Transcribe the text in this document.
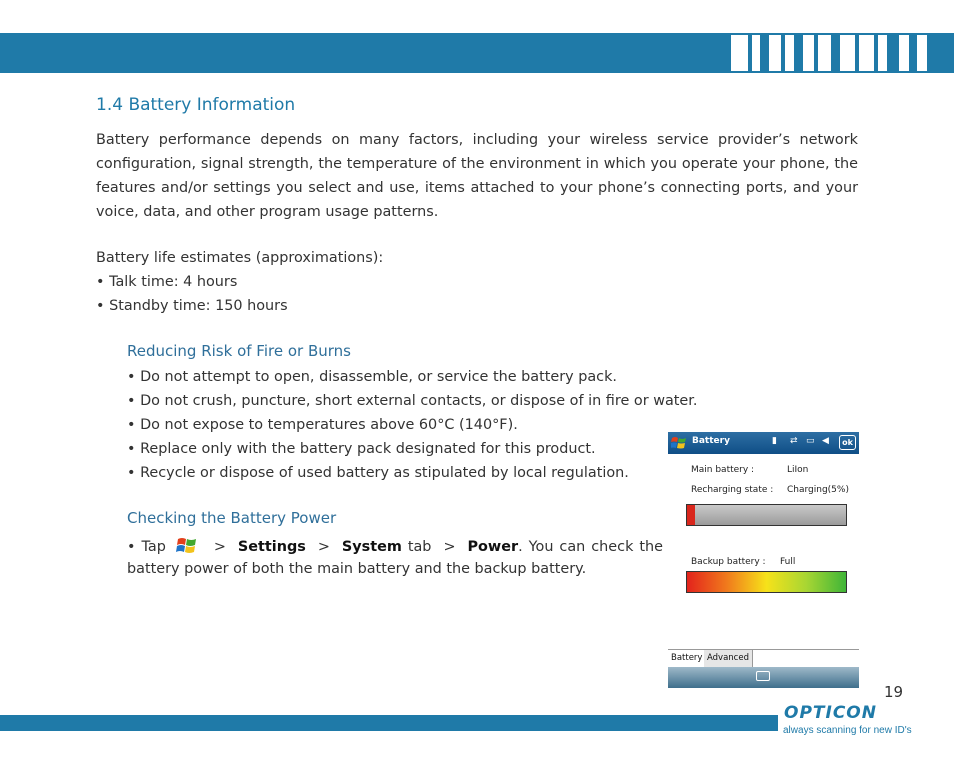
1.4 Battery Information

Battery performance depends on many factors, including your wireless service provider’s network configuration, signal strength, the temperature of the environment in which you operate your phone, the features and/or settings you select and use, items attached to your phone’s connecting ports, and your voice, data, and other program usage patterns.

Battery life estimates (approximations):
• Talk time: 4 hours
• Standby time: 150 hours
Reducing Risk of Fire or Burns
• Do not attempt to open, disassemble, or service the battery pack.
• Do not crush, puncture, short external contacts, or dispose of in fire or water.
• Do not expose to temperatures above 60°C (140°F).
• Replace only with the battery pack designated for this product.
• Recycle or dispose of used battery as stipulated by local regulation.
Checking the Battery Power
• Tap	> Settings > System tab > Power. You can check the battery power of both the main battery and the backup battery.
Battery	▮	⇄ ▭ ◀	ok
Main battery :	LiIon
Recharging state : Charging(5%)
Backup battery : Full
Battery Advanced
19
OPTICON
always scanning for new ID's
